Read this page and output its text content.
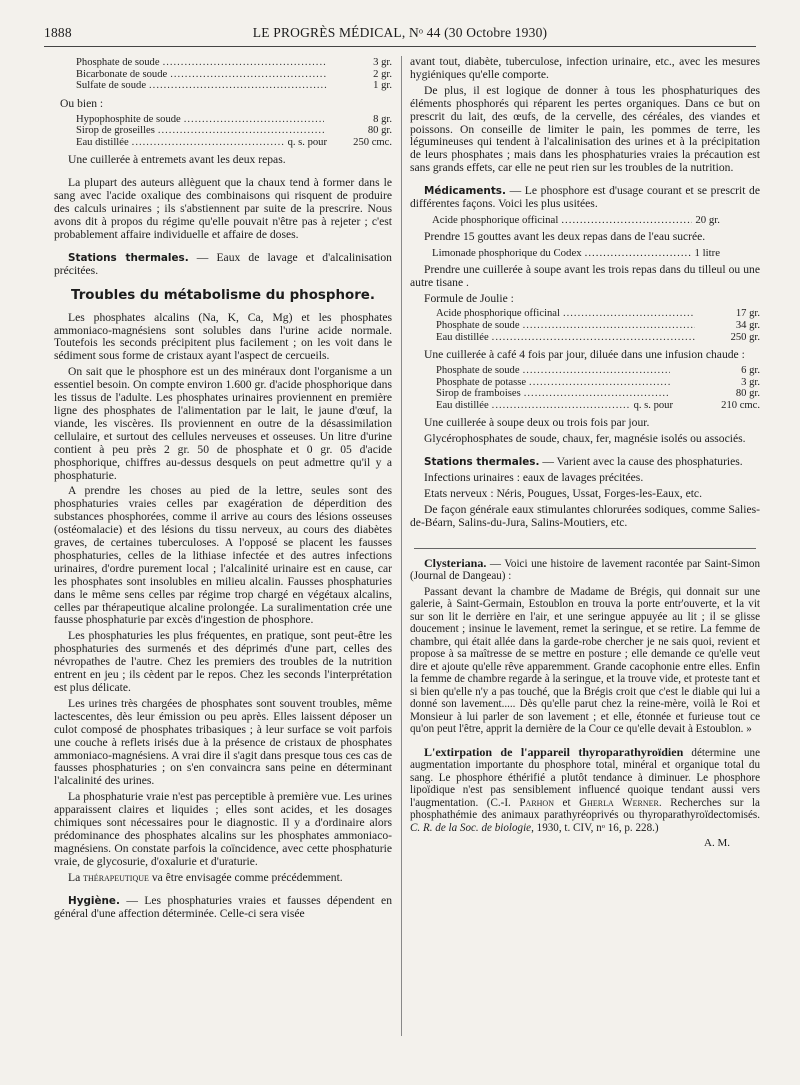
1888	LE PROGRÈS MÉDICAL, Nᵒ 44 (30 Octobre 1930)
Phosphate de soude .....	3 gr.
Bicarbonate de soude .....	2 gr.
Sulfate de soude .....	1 gr.

Ou bien :

Hypophosphite de soude .....	8 gr.
Sirop de groseilles .....	80 gr.
Eau distillée .....	q. s. pour	250 cmc.

Une cuillerée à entremets avant les deux repas.

La plupart des auteurs allèguent que la chaux tend à former dans le sang avec l'acide oxalique des combinaisons qui risquent de produire des calculs urinaires ; ils s'abstiennent par suite de la prescrire. Nous avons dit à propos du régime qu'elle pouvait n'être pas à rejeter ; c'est probablement affaire individuelle et affaire de doses.

Stations thermales. — Eaux de lavage et d'alcalinisation précitées.

Troubles du métabolisme du phosphore.

Les phosphates alcalins (Na, K, Ca, Mg) et les phosphates ammoniaco-magnésiens sont solubles dans l'urine acide normale. Toutefois les seconds précipitent plus facilement ; on les voit dans le sédiment sous forme de cristaux ayant l'aspect de cercueils.

On sait que le phosphore est un des minéraux dont l'organisme a un essentiel besoin. On compte environ 1.600 gr. d'acide phosphorique dans les tissus de l'adulte. Les phosphates urinaires proviennent en première ligne des phosphates de l'alimentation par le lait, le jaune d'œuf, la viande, les viscères. Ils proviennent en outre de la désassimilation cellulaire, et surtout des cellules nerveuses et osseuses. Un litre d'urine contient à peu près 2 gr. 50 de phosphate et 0 gr. 05 d'acide phosphorique, chiffres au-dessus desquels on peut admettre qu'il y a phosphaturie.

A prendre les choses au pied de la lettre, seules sont des phosphaturies vraies celles par exagération de déperdition des substances phosphorées, comme il arrive au cours des lésions osseuses (ostéomalacie) et des lésions du tissu nerveux, au cours des diabètes graves, de certaines tuberculoses. A l'opposé se placent les fausses phosphaturies, celles de la lithiase infectée et des autres infections urinaires, d'ordre purement local ; l'alcalinité urinaire est en cause, car les phosphates sont insolubles en milieu alcalin. Fausses phosphaturies dans le même sens celles par régime trop chargé en végétaux alcalins, celles par thérapeutique alcaline prolongée. La suralimentation crée une fausse phosphaturie par excès d'ingestion de phosphore.

Les phosphaturies les plus fréquentes, en pratique, sont peut-être les phosphaturies des surmenés et des déprimés d'une part, celles des névropathes de l'autre. Chez les premiers des troubles de la nutrition entrent en jeu ; ils cèdent par le repos. Chez les seconds l'interprétation est plus délicate.

Les urines très chargées de phosphates sont souvent troubles, même lactescentes, dès leur émission ou peu après. Elles laissent déposer un culot composé de phosphates tribasiques ; à leur surface se voit parfois une couche à reflets irisés due à la présence de cristaux de phosphates ammoniaco-magnésiens. A vrai dire il s'agit dans presque tous ces cas de fausses phosphaturies ; on s'en convaincra sans peine en déterminant l'alcalinité des urines.

La phosphaturie vraie n'est pas perceptible à première vue. Les urines apparaissent claires et liquides ; elles sont acides, et les dosages chimiques sont nécessaires pour le diagnostic. Il y a d'ordinaire alors prédominance des phosphates alcalins sur les phosphates ammoniaco-magnésiens. On constate parfois la coïncidence, avec cette phosphaturie vraie, de glycosurie, d'oxalurie et d'uraturie.

La thérapeutique va être envisagée comme précédemment.

Hygiène. — Les phosphaturies vraies et fausses dépendent en général d'une affection déterminée. Celle-ci sera visée

avant tout, diabète, tuberculose, infection urinaire, etc., avec les mesures hygiéniques qu'elle comporte.

De plus, il est logique de donner à tous les phosphaturiques des éléments phosphorés qui réparent les pertes organiques. Dans ce but on prescrit du lait, des œufs, de la cervelle, des céréales, des viandes et poissons. On conseille de limiter le pain, les pommes de terre, les légumineuses qui tendent à l'alcalinisation des urines et à la précipitation de leurs phosphates ; mais dans les phosphaturies vraies la précaution est sans grands effets, car elle ne peut rien sur les troubles de la nutrition.

Médicaments. — Le phosphore est d'usage courant et se prescrit de différentes façons. Voici les plus usitées.

Acide phosphorique officinal .....	20 gr.

Prendre 15 gouttes avant les deux repas dans de l'eau sucrée.

Limonade phosphorique du Codex .....	1 litre

Prendre une cuillerée à soupe avant les trois repas dans du tilleul ou une autre tisane .

Formule de Joulie :

Acide phosphorique officinal .....	17 gr.
Phosphate de soude .....	34 gr.
Eau distillée .....	250 gr.

Une cuillerée à café 4 fois par jour, diluée dans une infusion chaude :

Phosphate de soude .....	6 gr.
Phosphate de potasse .....	3 gr.
Sirop de framboises .....	80 gr.
Eau distillée .....	q. s. pour	210 cmc.

Une cuillerée à soupe deux ou trois fois par jour.

Glycérophosphates de soude, chaux, fer, magnésie isolés ou associés.

Stations thermales. — Varient avec la cause des phosphaturies.

Infections urinaires : eaux de lavages précitées.

Etats nerveux : Néris, Pougues, Ussat, Forges-les-Eaux, etc.

De façon générale eaux stimulantes chlorurées sodiques, comme Salies-de-Béarn, Salins-du-Jura, Salins-Moutiers, etc.

Clysteriana. — Voici une histoire de lavement racontée par Saint-Simon (Journal de Dangeau) :

Passant devant la chambre de Madame de Brégis, qui donnait sur une galerie, à Saint-Germain, Estoublon en trouva la porte entr'ouverte, et la vit sur son lit le derrière en l'air, et une seringue appuyée au lit ; il se glisse doucement ; insinue le lavement, remet la seringue, et se retire. La femme de chambre, qui était allée dans la garde-robe chercher je ne sais quoi, revient et propose à sa maîtresse de se mettre en posture ; elle demande ce qu'elle veut dire et ajoute qu'elle rêve apparemment. Grande cacophonie entre elles. Enfin la femme de chambre regarde à la seringue, et la trouve vide, et proteste tant et si bien qu'elle n'y a pas touché, que la Brégis croit que c'est le diable qui lui a donné son lavement..... Dès qu'elle parut chez la reine-mère, voilà le Roi et Monsieur à lui parler de son lavement ; et elle, étonnée et furieuse tout ce qu'on peut l'être, apprit la dernière de la Cour ce qu'elle devait à Estoublon. »

L'extirpation de l'appareil thyroparathyroïdien détermine une augmentation importante du phosphore total, minéral et organique total du sang. Le phosphore éthérifié a plutôt tendance à diminuer. Le phosphore lipoïdique n'est pas sensiblement influencé quoique tendant aussi vers l'augmentation. (C.-I. Parhon et Gherla Werner. Recherches sur la phosphathémie des animaux parathyréoprivés ou thyroparathyroïdectomisés. C. R. de la Soc. de biologie, 1930, t. CIV, nᵒ 16, p. 228.)

A. M.
